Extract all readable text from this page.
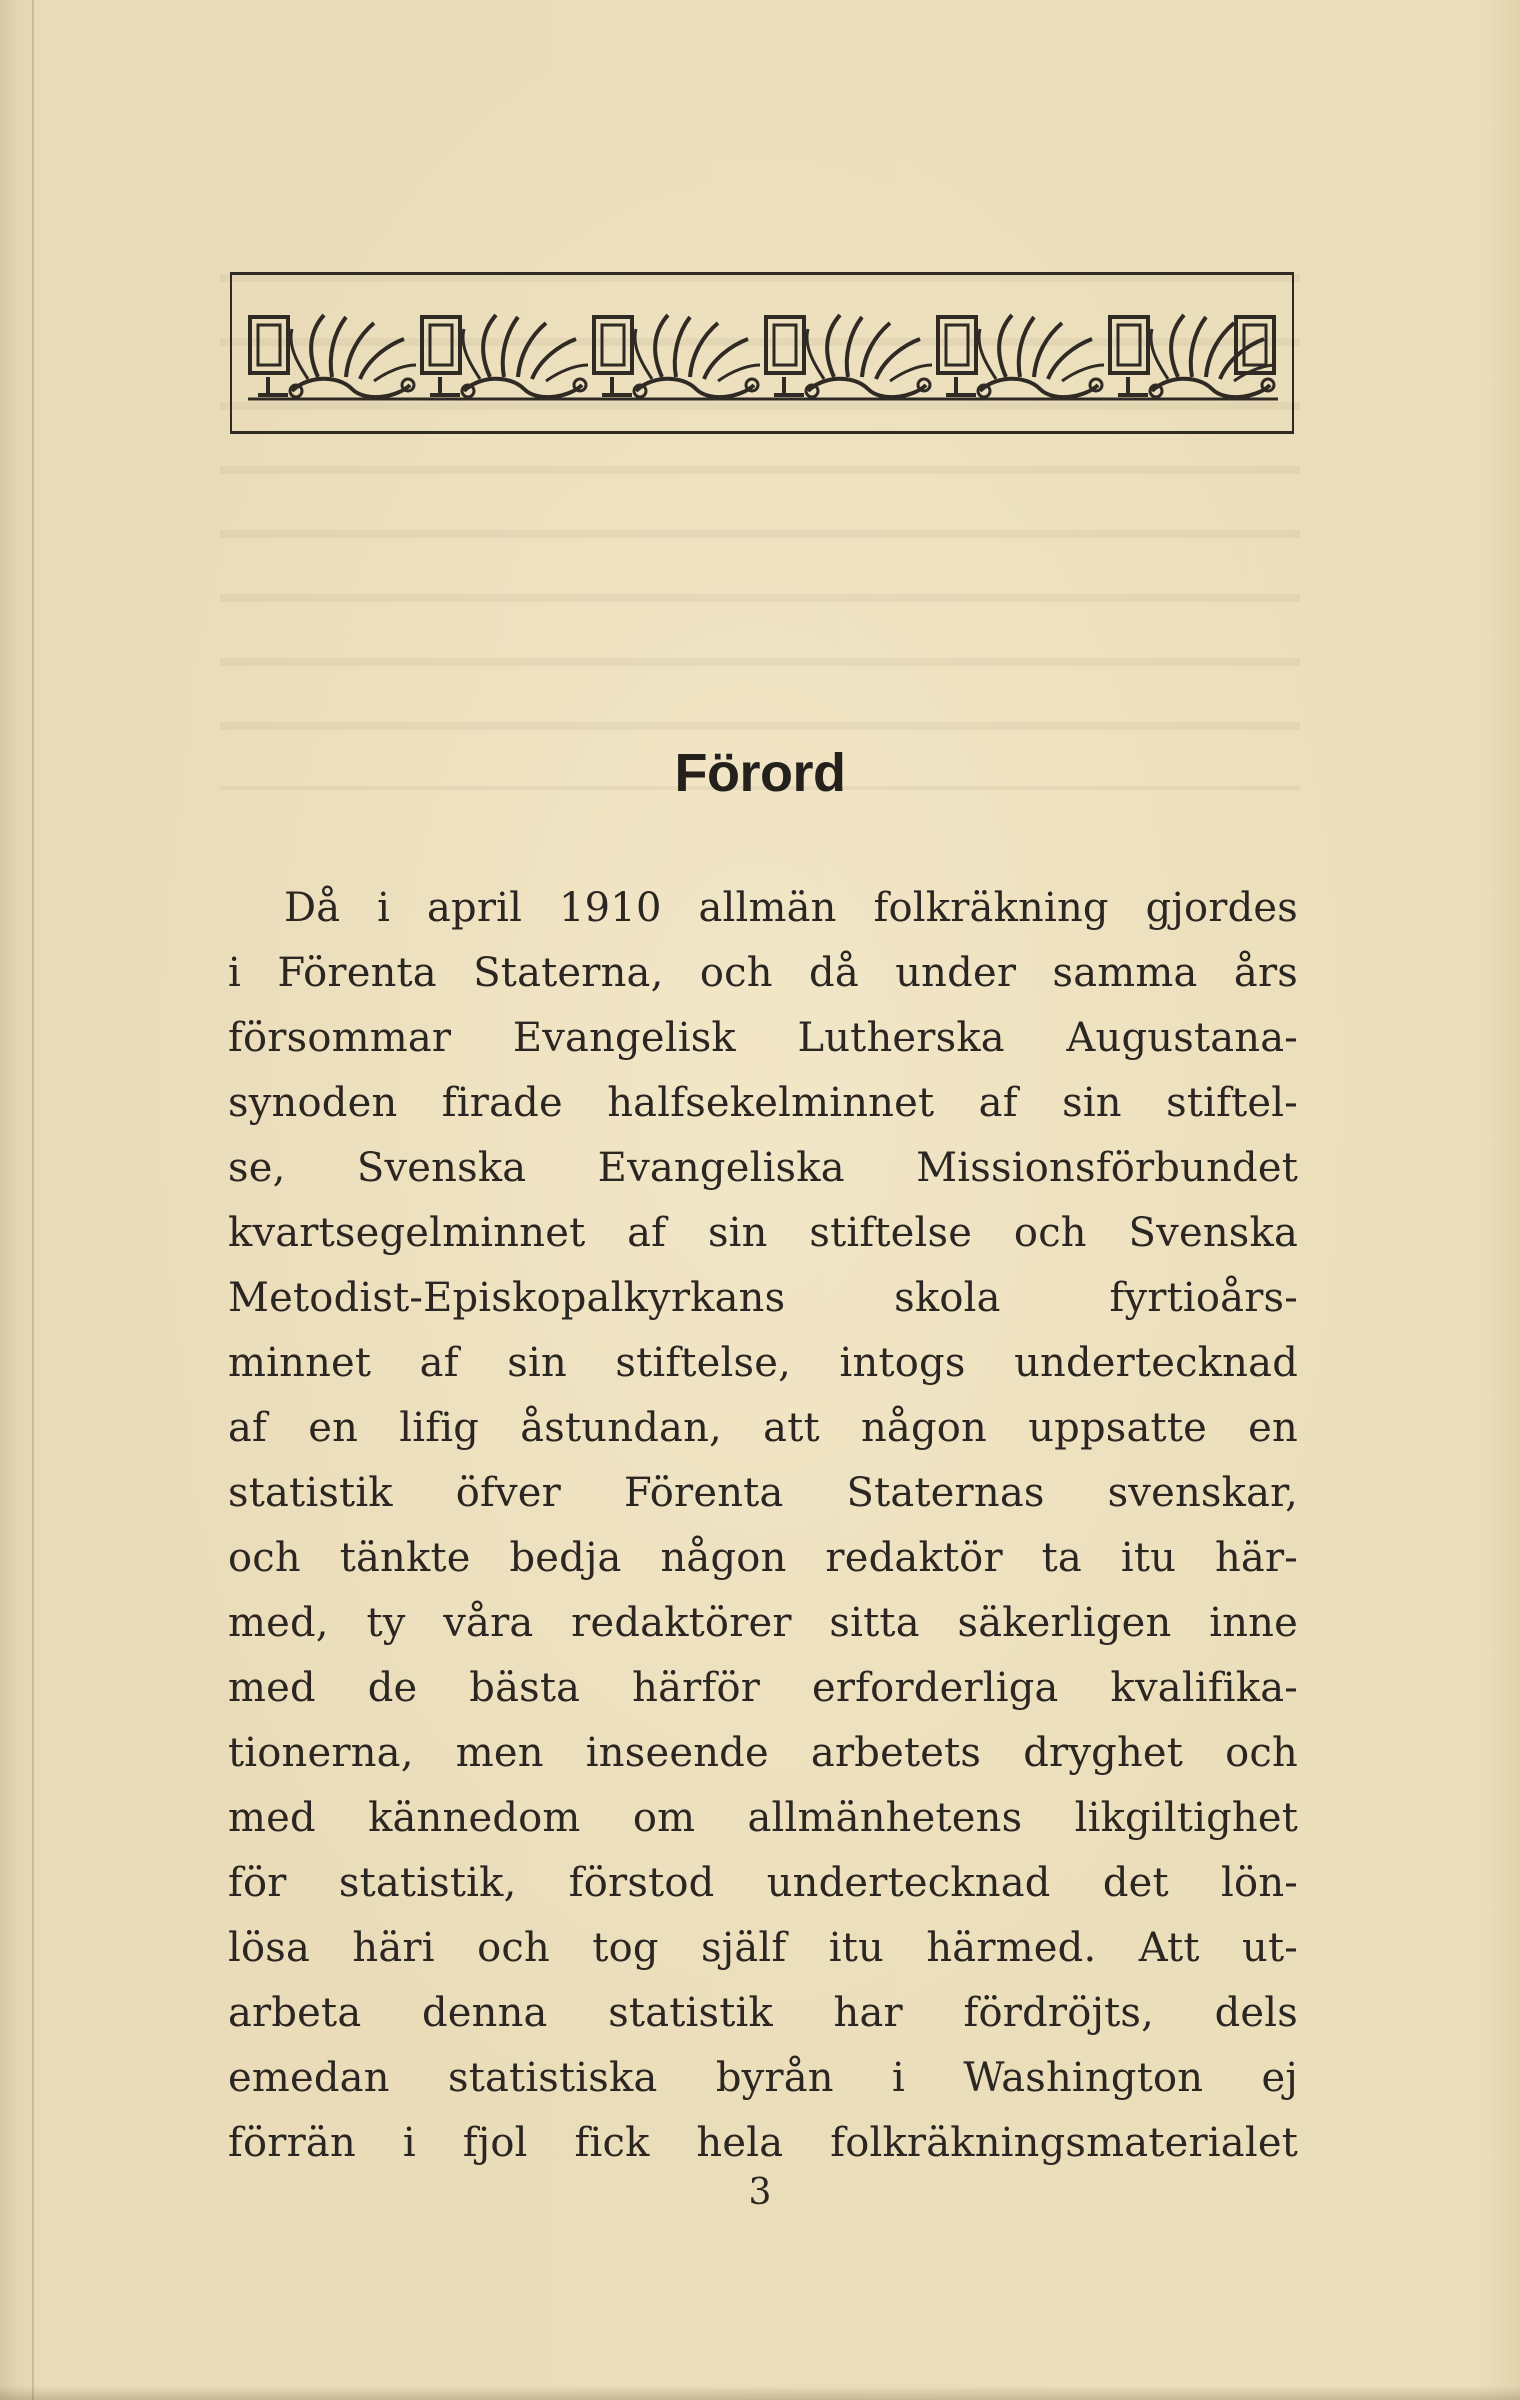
Förord
Då i april 1910 allmän folkräkning gjordes
i Förenta Staterna, och då under samma års
försommar Evangelisk Lutherska Augustana-
synoden firade halfsekelminnet af sin stiftel-
se, Svenska Evangeliska Missionsförbundet
kvartsegelminnet af sin stiftelse och Svenska
Metodist-Episkopalkyrkans skola fyrtioårs-
minnet af sin stiftelse, intogs undertecknad
af en lifig åstundan, att någon uppsatte en
statistik öfver Förenta Staternas svenskar,
och tänkte bedja någon redaktör ta itu här-
med, ty våra redaktörer sitta säkerligen inne
med de bästa härför erforderliga kvalifika-
tionerna, men inseende arbetets dryghet och
med kännedom om allmänhetens likgiltighet
för statistik, förstod undertecknad det lön-
lösa häri och tog själf itu härmed. Att ut-
arbeta denna statistik har fördröjts, dels
emedan statistiska byrån i Washington ej
förrän i fjol fick hela folkräkningsmaterialet
3
